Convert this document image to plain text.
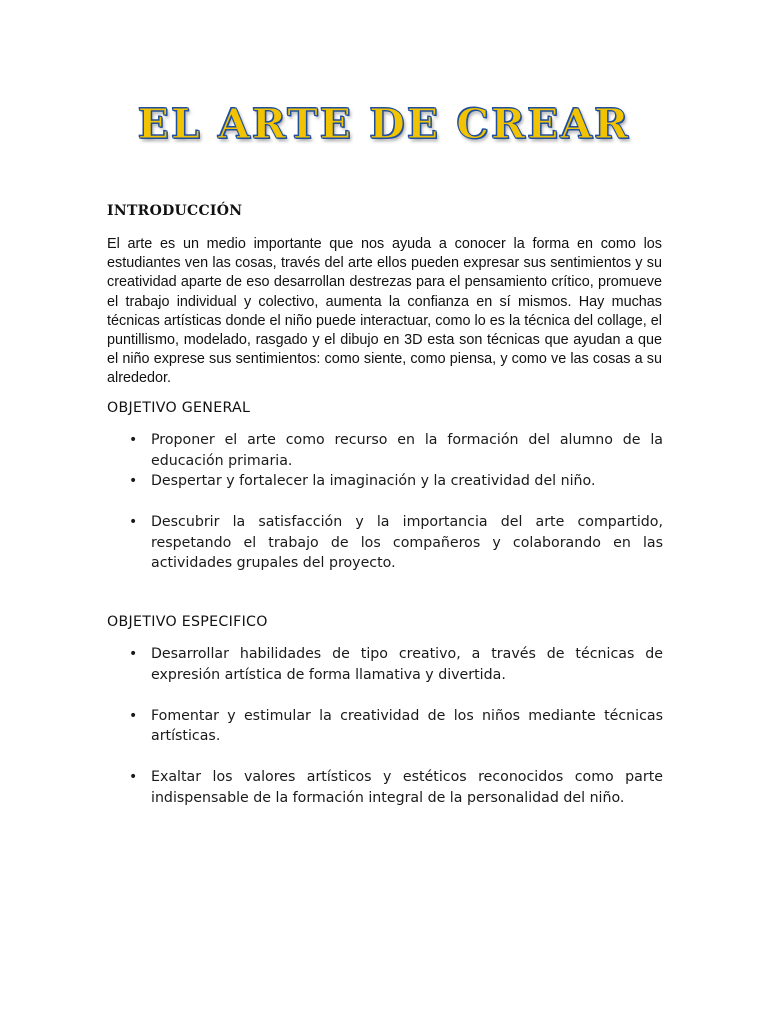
EL ARTE DE CREAR
INTRODUCCIÓN
El arte es un medio importante que nos ayuda a conocer la forma en como los estudiantes ven las cosas, través del arte ellos pueden expresar sus sentimientos y su creatividad aparte de eso desarrollan destrezas para el pensamiento crítico, promueve el trabajo individual y colectivo, aumenta la confianza en sí mismos. Hay muchas técnicas artísticas donde el niño puede interactuar, como lo es la técnica del collage, el puntillismo, modelado, rasgado y el dibujo en 3D esta son técnicas que ayudan a que el niño exprese sus sentimientos: como siente, como piensa, y como ve las cosas a su alrededor.
OBJETIVO GENERAL
• Proponer el arte como recurso en la formación del alumno de la educación primaria.
• Despertar y fortalecer la imaginación y la creatividad del niño.
• Descubrir la satisfacción y la importancia del arte compartido, respetando el trabajo de los compañeros y colaborando en las actividades grupales del proyecto.
OBJETIVO ESPECIFICO
• Desarrollar habilidades de tipo creativo, a través de técnicas de expresión artística de forma llamativa y divertida.
• Fomentar y estimular la creatividad de los niños mediante técnicas artísticas.
• Exaltar los valores artísticos y estéticos reconocidos como parte indispensable de la formación integral de la personalidad del niño.
